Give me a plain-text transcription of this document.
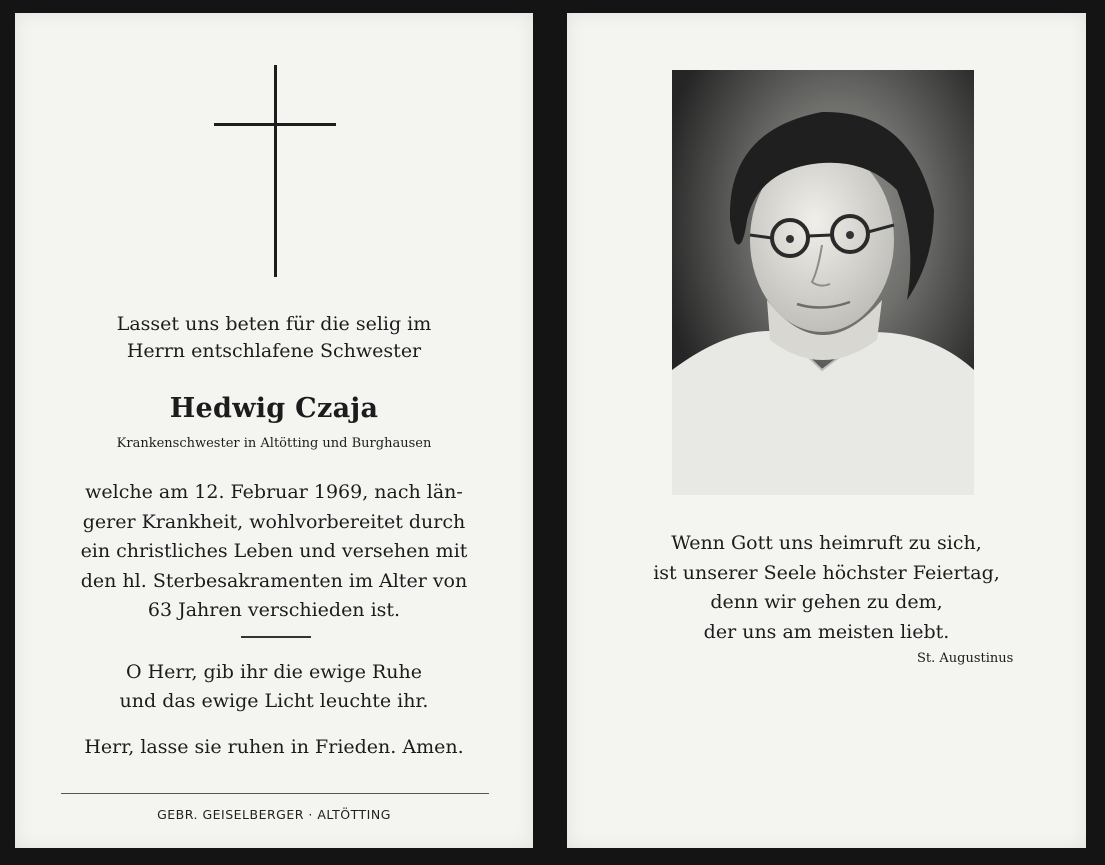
Lasset uns beten für die selig im
Herrn entschlafene Schwester
Hedwig Czaja
Krankenschwester in Altötting und Burghausen
welche am 12. Februar 1969, nach län-
gerer Krankheit, wohlvorbereitet durch
ein christliches Leben und versehen mit
den hl. Sterbesakramenten im Alter von
63 Jahren verschieden ist.
O Herr, gib ihr die ewige Ruhe
und das ewige Licht leuchte ihr.
Herr, lasse sie ruhen in Frieden. Amen.
GEBR. GEISELBERGER · ALTÖTTING
Wenn Gott uns heimruft zu sich,
ist unserer Seele höchster Feiertag,
denn wir gehen zu dem,
der uns am meisten liebt.
St. Augustinus
